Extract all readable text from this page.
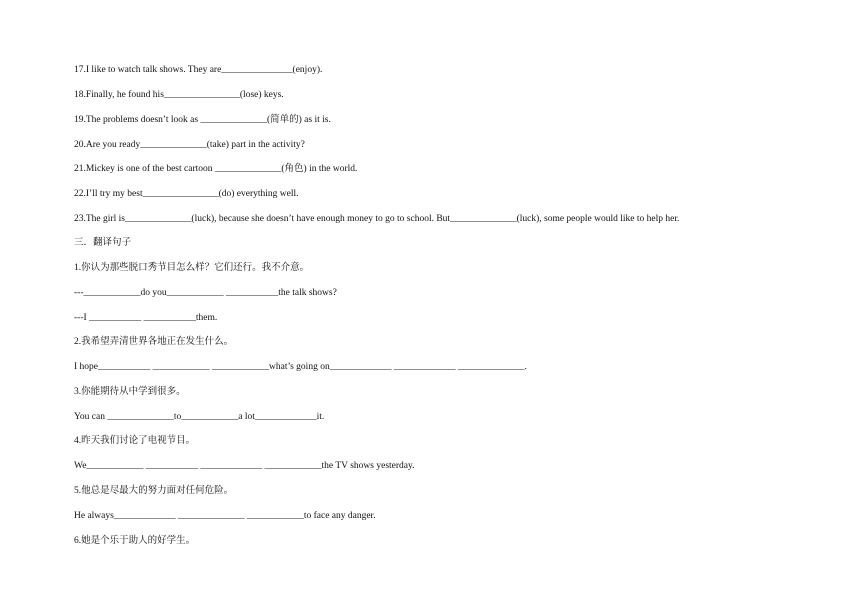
17.I like to watch talk shows. They are_______________(enjoy).
18.Finally, he found his________________(lose) keys.
19.The problems doesn’t look as ______________(简单的) as it is.
20.Are you ready______________(take) part in the activity?
21.Mickey is one of the best cartoon ______________(角色) in the world.
22.I’ll try my best________________(do) everything well.
23.The girl is______________(luck), because she doesn’t have enough money to go to school. But______________(luck), some people would like to help her.
三．翻译句子
1.你认为那些脱口秀节目怎么样？它们还行。我不介意。
---____________do you____________ ___________the talk shows?
---I ___________ ___________them.
2.我希望弄清世界各地正在发生什么。
I hope___________ ____________ ____________what’s going on_____________ _____________ ______________.
3.你能期待从中学到很多。
You can ______________to____________a lot_____________it.
4.昨天我们讨论了电视节目。
We____________ ___________ _____________ ____________the TV shows yesterday.
5.他总是尽最大的努力面对任何危险。
He always_____________ ______________ ____________to face any danger.
6.她是个乐于助人的好学生。
